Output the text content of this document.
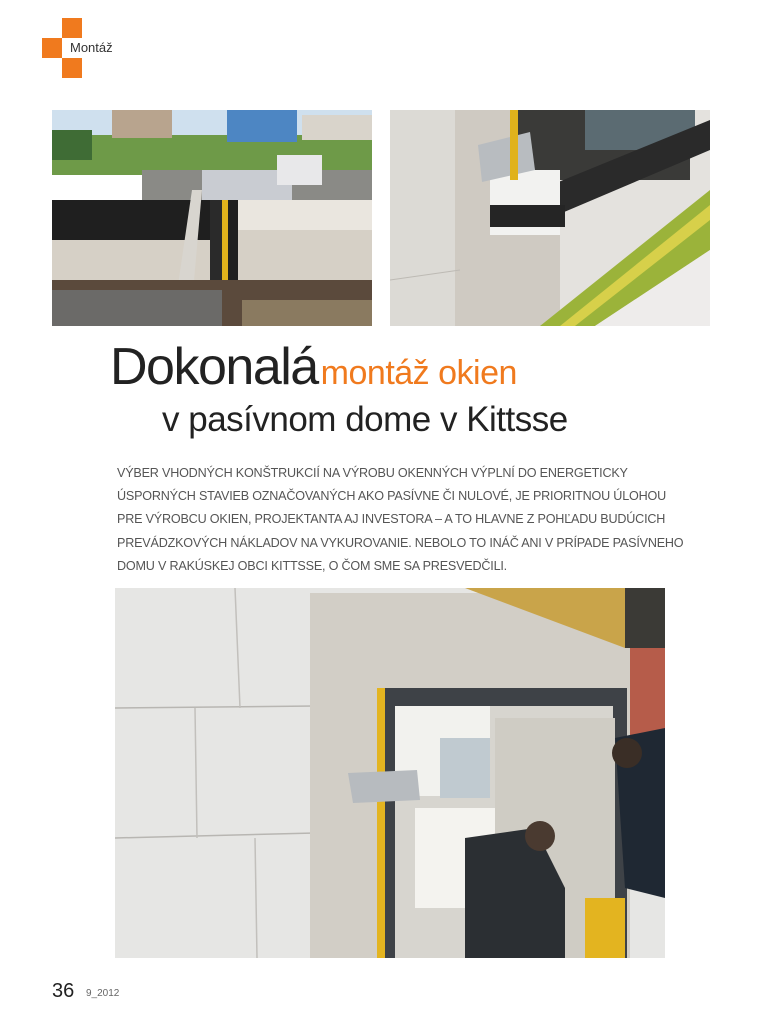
Montáž
Dokonalá montáž okien
v pasívnom dome v Kittsse

VÝBER VHODNÝCH KONŠTRUKCIÍ NA VÝROBU OKENNÝCH VÝPLNÍ DO ENERGETICKY ÚSPORNÝCH STAVIEB OZNAČOVANÝCH AKO PASÍVNE ČI NULOVÉ, JE PRIORITNOU ÚLOHOU PRE VÝROBCU OKIEN, PROJEKTANTA AJ INVESTORA – A TO HLAVNE Z POHĽADU BUDÚCICH PREVÁDZKOVÝCH NÁKLADOV NA VYKUROVANIE. NEBOLO TO INÁČ ANI V PRÍPADE PASÍVNEHO DOMU V RAKÚSKEJ OBCI KITTSSE, O ČOM SME SA PRESVEDČILI.

36 9_2012
